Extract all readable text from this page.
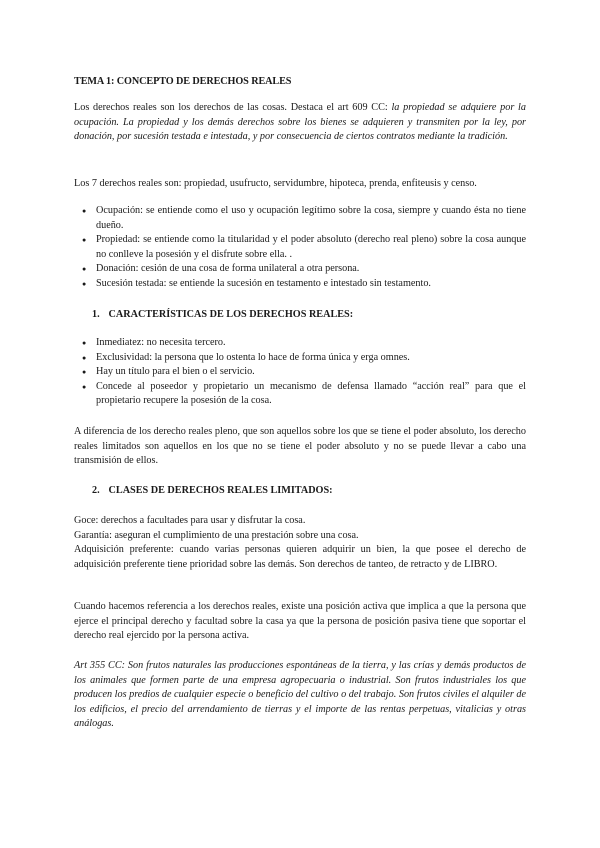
TEMA 1: CONCEPTO DE DERECHOS REALES
Los derechos reales son los derechos de las cosas. Destaca el art 609 CC: la propiedad se adquiere por la ocupación. La propiedad y los demás derechos sobre los bienes se adquieren y transmiten por la ley, por donación, por sucesión testada e intestada, y por consecuencia de ciertos contratos mediante la tradición.
Los 7 derechos reales son: propiedad, usufructo, servidumbre, hipoteca, prenda, enfiteusis y censo.
● Ocupación: se entiende como el uso y ocupación legítimo sobre la cosa, siempre y cuando ésta no tiene dueño.
● Propiedad: se entiende como la titularidad y el poder absoluto (derecho real pleno) sobre la cosa aunque no conlleve la posesión y el disfrute sobre ella. .
● Donación: cesión de una cosa de forma unilateral a otra persona.
● Sucesión testada: se entiende la sucesión en testamento e intestado sin testamento.
1. CARACTERÍSTICAS DE LOS DERECHOS REALES:
● Inmediatez: no necesita tercero.
● Exclusividad: la persona que lo ostenta lo hace de forma única y erga omnes.
● Hay un título para el bien o el servicio.
● Concede al poseedor y propietario un mecanismo de defensa llamado “acción real” para que el propietario recupere la posesión de la cosa.
A diferencia de los derecho reales pleno, que son aquellos sobre los que se tiene el poder absoluto, los derecho reales limitados son aquellos en los que no se tiene el poder absoluto y no se puede llevar a cabo una transmisión de ellos.
2. CLASES DE DERECHOS REALES LIMITADOS:
Goce: derechos a facultades para usar y disfrutar la cosa.
Garantía: aseguran el cumplimiento de una prestación sobre una cosa.
Adquisición preferente: cuando varias personas quieren adquirir un bien, la que posee el derecho de adquisición preferente tiene prioridad sobre las demás. Son derechos de tanteo, de retracto y de LIBRO.
Cuando hacemos referencia a los derechos reales, existe una posición activa que implica a que la persona que ejerce el principal derecho y facultad sobre la casa ya que la persona de posición pasiva tiene que soportar el derecho real ejercido por la persona activa.
Art 355 CC: Son frutos naturales las producciones espontáneas de la tierra, y las crías y demás productos de los animales que formen parte de una empresa agropecuaria o industrial. Son frutos industriales los que producen los predios de cualquier especie o beneficio del cultivo o del trabajo. Son frutos civiles el alquiler de los edificios, el precio del arrendamiento de tierras y el importe de las rentas perpetuas, vitalicias y otras análogas.
